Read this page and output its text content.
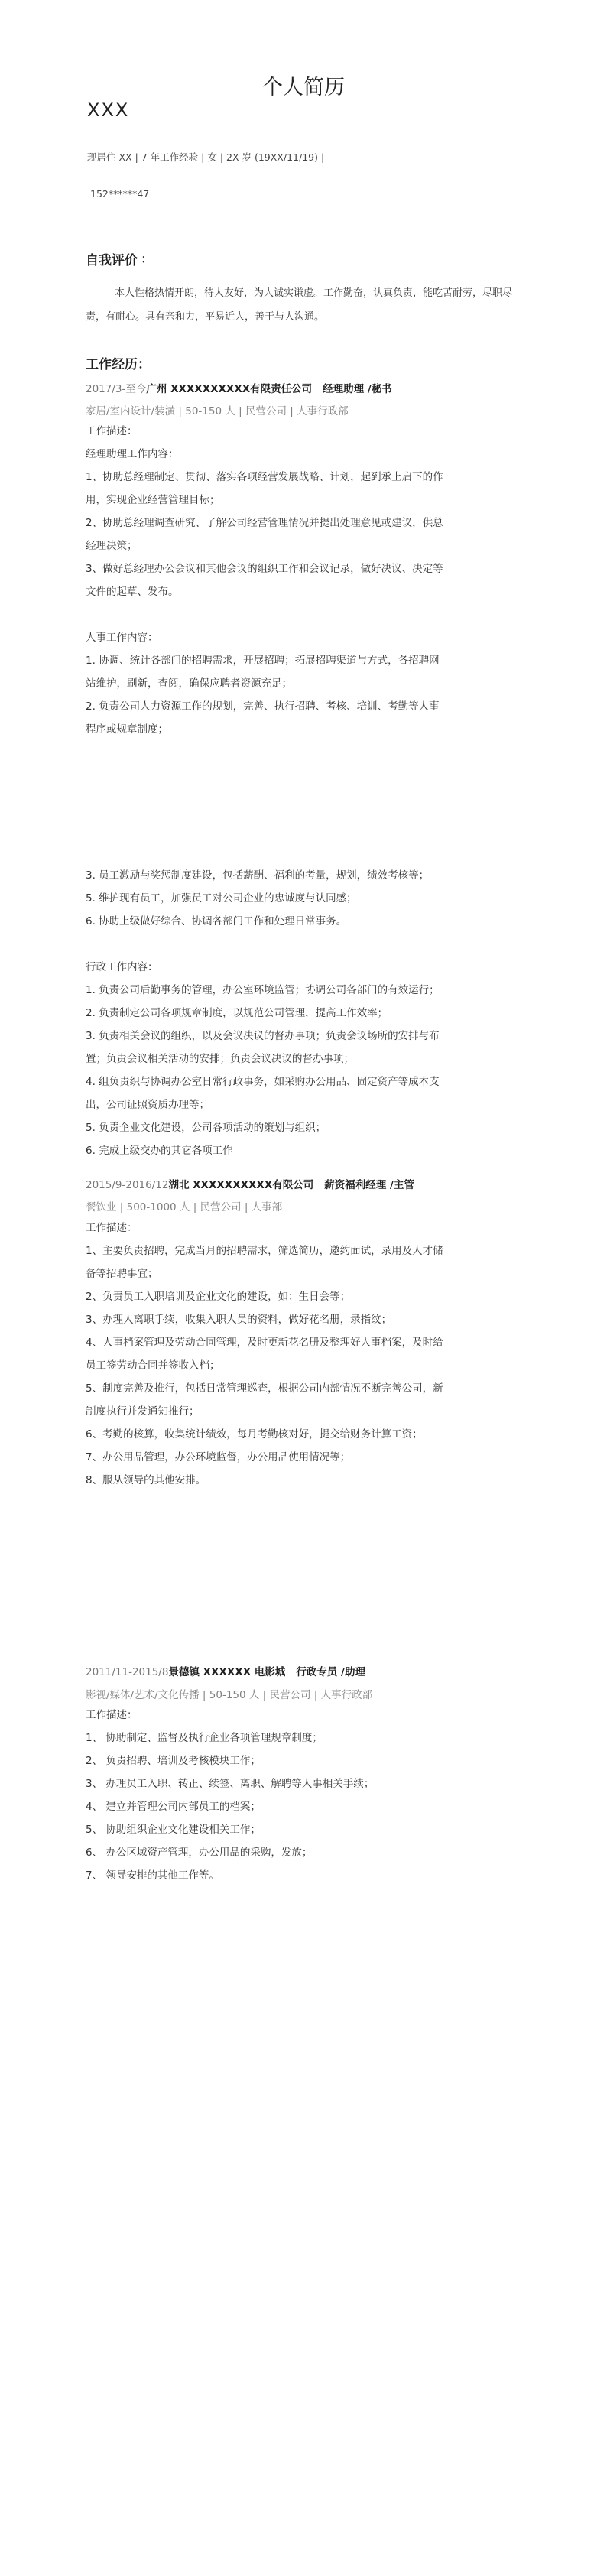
个人简历
XXX
现居住 XX | 7 年工作经验 | 女 | 2X 岁 (19XX/11/19) |
152******47
自我评价 ：
本人性格热情开朗，待人友好，为人诚实谦虚。工作勤奋，认真负责，能吃苦耐劳，尽职尽责，有耐心。具有亲和力，平易近人，善于与人沟通。
工作经历：
2017/3-至今广州 XXXXXXXXXX有限责任公司 经理助理 /秘书
家居/室内设计/装潢 | 50-150 人 | 民营公司 | 人事行政部
工作描述：
经理助理工作内容：
1、协助总经理制定、贯彻、落实各项经营发展战略、计划，起到承上启下的作
用，实现企业经营管理目标；
2、协助总经理调查研究、了解公司经营管理情况并提出处理意见或建议，供总
经理决策；
3、做好总经理办公会议和其他会议的组织工作和会议记录，做好决议、决定等
文件的起草、发布。
人事工作内容：
1. 协调、统计各部门的招聘需求，开展招聘；拓展招聘渠道与方式，各招聘网
站维护，刷新，查阅，确保应聘者资源充足；
2. 负责公司人力资源工作的规划，完善、执行招聘、考核、培训、考勤等人事
程序或规章制度；
3. 员工激励与奖惩制度建设，包括薪酬、福利的考量，规划，绩效考核等；
5. 维护现有员工，加强员工对公司企业的忠诚度与认同感；
6. 协助上级做好综合、协调各部门工作和处理日常事务。
行政工作内容：
1. 负责公司后勤事务的管理，办公室环境监管；协调公司各部门的有效运行；
2. 负责制定公司各项规章制度，以规范公司管理，提高工作效率；
3. 负责相关会议的组织，以及会议决议的督办事项；负责会议场所的安排与布
置；负责会议相关活动的安排；负责会议决议的督办事项；
4. 组负责织与协调办公室日常行政事务，如采购办公用品、固定资产等成本支
出，公司证照资质办理等；
5. 负责企业文化建设，公司各项活动的策划与组织；
6. 完成上级交办的其它各项工作
2015/9-2016/12湖北 XXXXXXXXXX有限公司 薪资福利经理 /主管
餐饮业 | 500-1000 人 | 民营公司 | 人事部
工作描述：
1、主要负责招聘，完成当月的招聘需求，筛选简历，邀约面试，录用及人才储
备等招聘事宜；
2、负责员工入职培训及企业文化的建设，如：生日会等；
3、办理人离职手续，收集入职人员的资料，做好花名册，录指纹；
4、人事档案管理及劳动合同管理，及时更新花名册及整理好人事档案，及时给
员工签劳动合同并签收入档；
5、制度完善及推行，包括日常管理巡查，根据公司内部情况不断完善公司，新
制度执行并发通知推行；
6、考勤的核算，收集统计绩效，每月考勤核对好，提交给财务计算工资；
7、办公用品管理，办公环境监督，办公用品使用情况等；
8、服从领导的其他安排。
2011/11-2015/8景德镇 XXXXXX 电影城 行政专员 /助理
影视/媒体/艺术/文化传播 | 50-150 人 | 民营公司 | 人事行政部
工作描述：
1、 协助制定、监督及执行企业各项管理规章制度；
2、 负责招聘、培训及考核模块工作；
3、 办理员工入职、转正、续签、离职、解聘等人事相关手续；
4、 建立并管理公司内部员工的档案；
5、 协助组织企业文化建设相关工作；
6、 办公区域资产管理，办公用品的采购，发放；
7、 领导安排的其他工作等。
